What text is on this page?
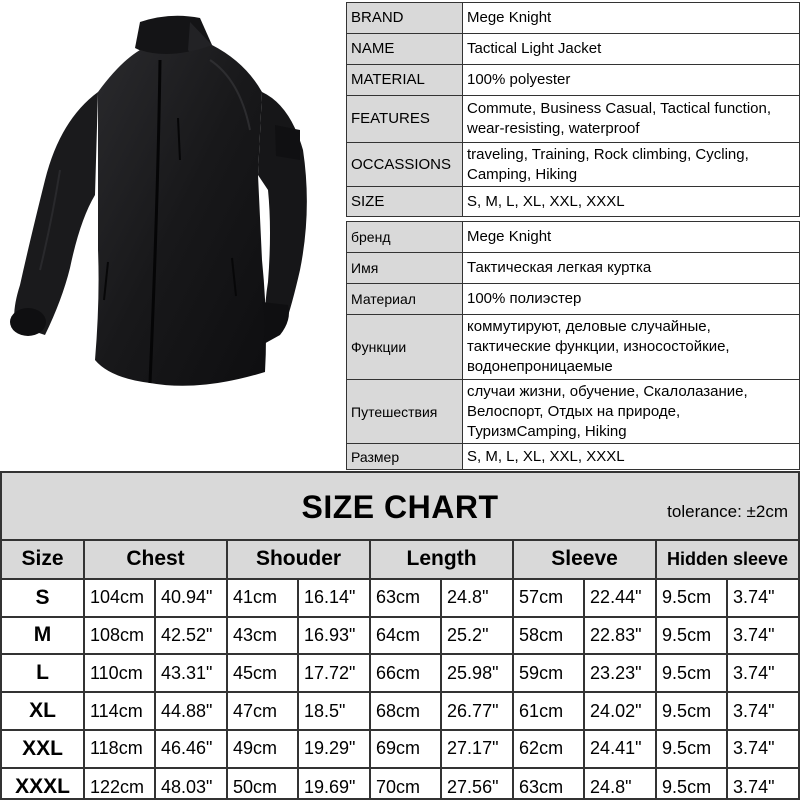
BRAND	Mege Knight
NAME	Tactical Light Jacket
MATERIAL	100% polyester
FEATURES	Commute, Business Casual, Tactical function, wear-resisting, waterproof
OCCASSIONS	traveling, Training, Rock climbing, Cycling, Camping, Hiking
SIZE	S, M, L, XL, XXL, XXXL
бренд	Mege Knight
Имя	Тактическая легкая куртка
Материал	100% полиэстер
Функции	коммутируют, деловые случайные, тактические функции, износостойкие, водонепроницаемые
Путешествия	случаи жизни, обучение, Скалолазание, Велоспорт, Отдых на природе, ТуризмCamping, Hiking
Размер	S, M, L, XL, XXL, XXXL
SIZE CHART	tolerance: ±2cm
Size	Chest		Shouder		Length		Sleeve		Hidden sleeve	
S	104cm	40.94"	41cm	16.14"	63cm	24.8"	57cm	22.44"	9.5cm	3.74"
M	108cm	42.52"	43cm	16.93"	64cm	25.2"	58cm	22.83"	9.5cm	3.74"
L	110cm	43.31"	45cm	17.72"	66cm	25.98"	59cm	23.23"	9.5cm	3.74"
XL	114cm	44.88"	47cm	18.5"	68cm	26.77"	61cm	24.02"	9.5cm	3.74"
XXL	118cm	46.46"	49cm	19.29"	69cm	27.17"	62cm	24.41"	9.5cm	3.74"
XXXL	122cm	48.03"	50cm	19.69"	70cm	27.56"	63cm	24.8"	9.5cm	3.74"
